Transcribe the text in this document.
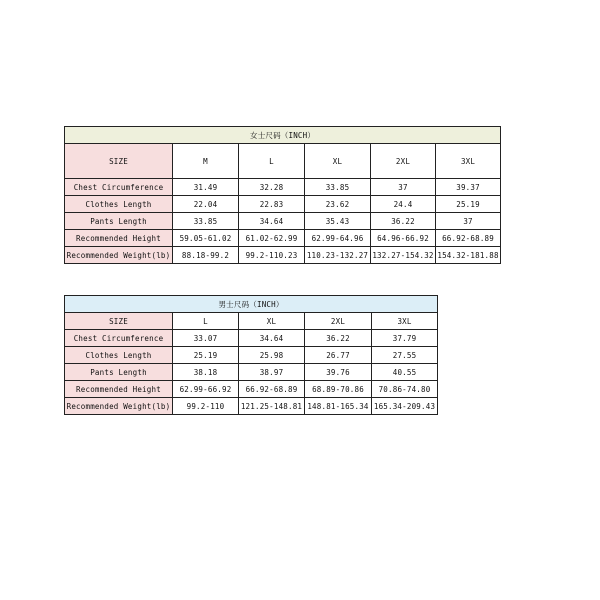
女士尺码（INCH）					
SIZE	M	L	XL	2XL	3XL
Chest Circumference	31.49	32.28	33.85	37	39.37
Clothes Length	22.04	22.83	23.62	24.4	25.19
Pants Length	33.85	34.64	35.43	36.22	37
Recommended Height	59.05-61.02	61.02-62.99	62.99-64.96	64.96-66.92	66.92-68.89
Recommended Weight(lb)	88.18-99.2	99.2-110.23	110.23-132.27	132.27-154.32	154.32-181.88
男士尺码（INCH）				
SIZE	L	XL	2XL	3XL
Chest Circumference	33.07	34.64	36.22	37.79
Clothes Length	25.19	25.98	26.77	27.55
Pants Length	38.18	38.97	39.76	40.55
Recommended Height	62.99-66.92	66.92-68.89	68.89-70.86	70.86-74.80
Recommended Weight(lb)	99.2-110	121.25-148.81	148.81-165.34	165.34-209.43
